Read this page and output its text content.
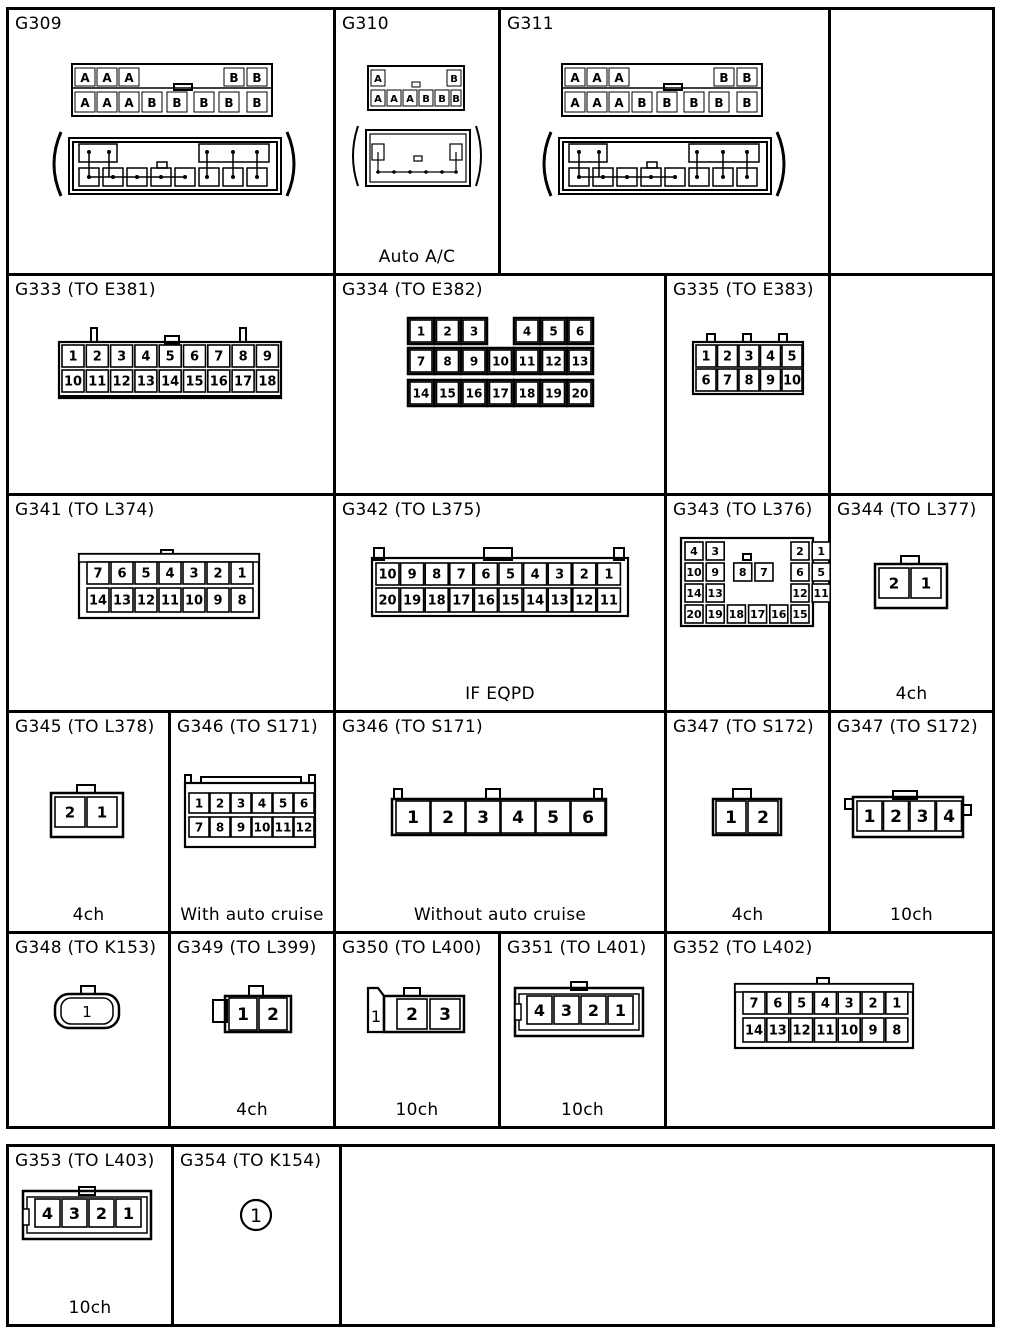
G309
A A A	B B
A A A B B B B B
G310
A	B
A A A B B B
Auto A/C
G311
A A A	B B
A A A B B B B B
G333 (TO E381)
1 2 3 4 5 6 7 8 9
10 11 12 13 14 15 16 17 18
G334 (TO E382)
1 2 3	4 5 6
7 8 9 10 11 12 13
14 15 16 17 18 19 20
G335 (TO E383)
1 2 3 4 5
6 7 8 9 10
G341 (TO L374)
7 6 5 4 3 2 1
14 13 12 11 10 9 8
G342 (TO L375)
10 9 8 7 6 5 4 3 2 1
20 19 18 17 16 15 14 13 12 11
IF EQPD
G343 (TO L376)
4 3	2 1
10 9 8 7	6 5
14 13	12 11
20 19 18 17 16 15
G344 (TO L377)
2 1
4ch
G345 (TO L378)
2 1
4ch
G346 (TO S171)
1 2 3 4 5 6
7 8 9 10 11 12
With auto cruise
G346 (TO S171)
1 2 3 4 5 6
Without auto cruise
G347 (TO S172)
1 2
4ch
G347 (TO S172)
1 2 3 4
10ch
G348 (TO K153)
1
G349 (TO L399)
1 2
4ch
G350 (TO L400)
1 2 3
10ch
G351 (TO L401)
4 3 2 1
10ch
G352 (TO L402)
7 6 5 4 3 2 1
14 13 12 11 10 9 8
G353 (TO L403)
4 3 2 1
10ch
G354 (TO K154)
1
